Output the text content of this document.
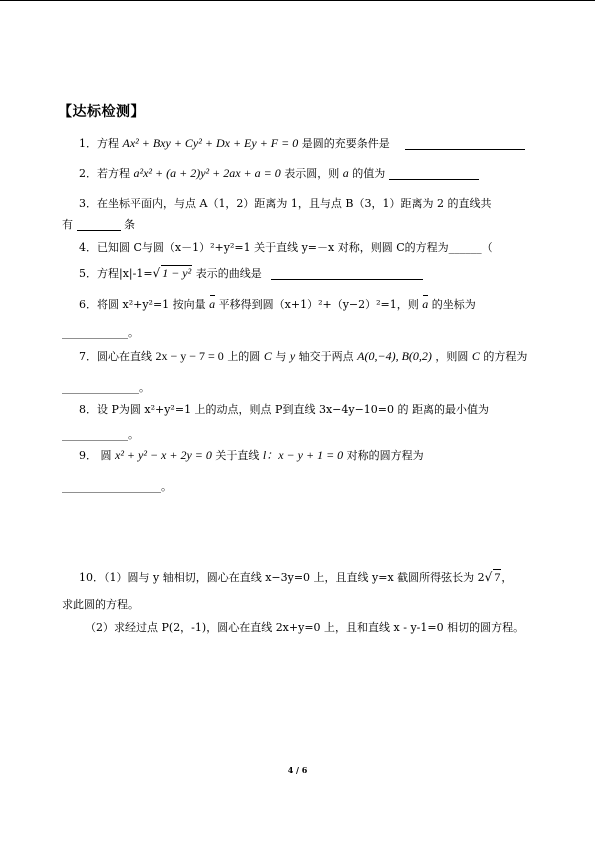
【达标检测】
1．方程 Ax² + Bxy + Cy² + Dx + Ey + F = 0 是圆的充要条件是
2．若方程 a²x² + (a + 2)y² + 2ax + a = 0 表示圆，则 a 的值为
3．在坐标平面内，与点 A（1，2）距离为 1，且与点 B（3，1）距离为 2 的直线共
有	条
4．已知圆 C与圆（x－1）²+y²=1 关于直线 y=－x 对称，则圆 C的方程为______（
5．方程|x|-1=√ 1 − y² 表示的曲线是
6．将圆 x²+y²=1 按向量 a 平移得到圆（x+1）²+（y−2）²=1，则 a 的坐标为
____________。
7．圆心在直线 2x − y − 7 = 0 上的圆 C 与 y 轴交于两点 A(0,−4), B(0,2) ，则圆 C 的方程为
______________。
8．设 P为圆 x²+y²=1 上的动点，则点 P到直线 3x−4y−10=0 的 距离的最小值为
____________。
9． 圆 x² + y² − x + 2y = 0 关于直线 l：x − y + 1 = 0 对称的圆方程为
__________________。
10．（1）圆与 y 轴相切，圆心在直线 x−3y=0 上，且直线 y=x 截圆所得弦长为 2√ 7，
求此圆的方程。
（2）求经过点 P(2，-1)，圆心在直线 2x+y=0 上，且和直线 x - y-1=0 相切的圆方程。
4 / 6
